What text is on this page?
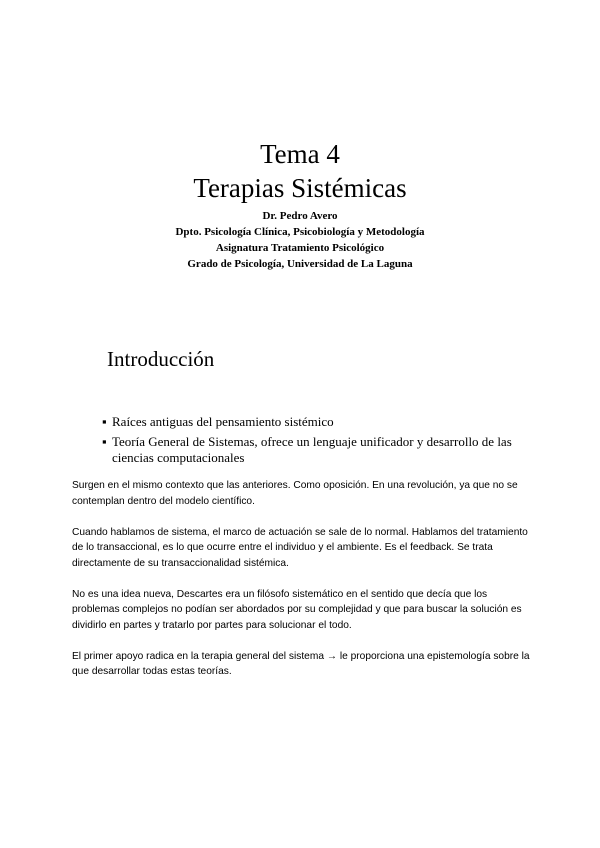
Tema 4
Terapias Sistémicas
Dr. Pedro Avero
Dpto. Psicología Clínica, Psicobiología y Metodología
Asignatura Tratamiento Psicológico
Grado de Psicología, Universidad de La Laguna
Introducción
▪ Raíces antiguas del pensamiento sistémico
▪ Teoría General de Sistemas, ofrece un lenguaje unificador y desarrollo de las ciencias computacionales

Surgen en el mismo contexto que las anteriores. Como oposición. En una revolución, ya que no se contemplan dentro del modelo científico.

Cuando hablamos de sistema, el marco de actuación se sale de lo normal. Hablamos del tratamiento de lo transaccional, es lo que ocurre entre el individuo y el ambiente. Es el feedback. Se trata directamente de su transaccionalidad sistémica.

No es una idea nueva, Descartes era un filósofo sistemático en el sentido que decía que los problemas complejos no podían ser abordados por su complejidad y que para buscar la solución es dividirlo en partes y tratarlo por partes para solucionar el todo.

El primer apoyo radica en la terapia general del sistema → le proporciona una epistemología sobre la que desarrollar todas estas teorías.
